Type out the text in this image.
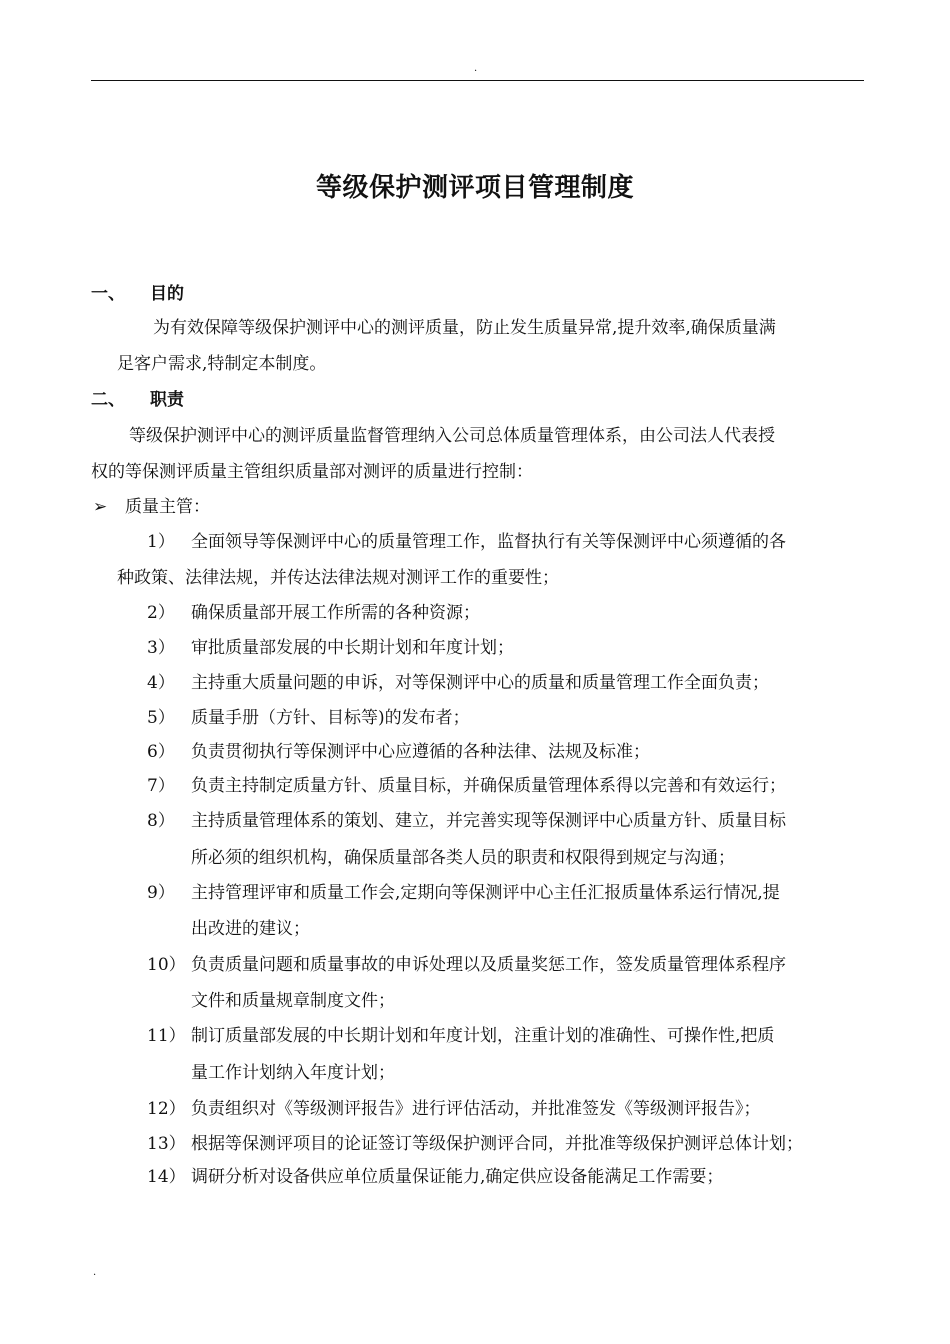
.
等级保护测评项目管理制度
一、 目的
为有效保障等级保护测评中心的测评质量，防止发生质量异常,提升效率,确保质量满
足客户需求,特制定本制度。
二、 职责
等级保护测评中心的测评质量监督管理纳入公司总体质量管理体系，由公司法人代表授
权的等保测评质量主管组织质量部对测评的质量进行控制：
➢ 质量主管：
1） 全面领导等保测评中心的质量管理工作，监督执行有关等保测评中心须遵循的各
种政策、法律法规，并传达法律法规对测评工作的重要性；
2） 确保质量部开展工作所需的各种资源；
3） 审批质量部发展的中长期计划和年度计划；
4） 主持重大质量问题的申诉，对等保测评中心的质量和质量管理工作全面负责；
5） 质量手册（方针、目标等)的发布者；
6） 负责贯彻执行等保测评中心应遵循的各种法律、法规及标准；
7） 负责主持制定质量方针、质量目标，并确保质量管理体系得以完善和有效运行；
8） 主持质量管理体系的策划、建立，并完善实现等保测评中心质量方针、质量目标
所必须的组织机构，确保质量部各类人员的职责和权限得到规定与沟通；
9） 主持管理评审和质量工作会,定期向等保测评中心主任汇报质量体系运行情况,提
出改进的建议；
10） 负责质量问题和质量事故的申诉处理以及质量奖惩工作，签发质量管理体系程序
文件和质量规章制度文件；
11） 制订质量部发展的中长期计划和年度计划，注重计划的准确性、可操作性,把质
量工作计划纳入年度计划；
12） 负责组织对《等级测评报告》进行评估活动，并批准签发《等级测评报告》；
13） 根据等保测评项目的论证签订等级保护测评合同，并批准等级保护测评总体计划；
14） 调研分析对设备供应单位质量保证能力,确定供应设备能满足工作需要；
.
